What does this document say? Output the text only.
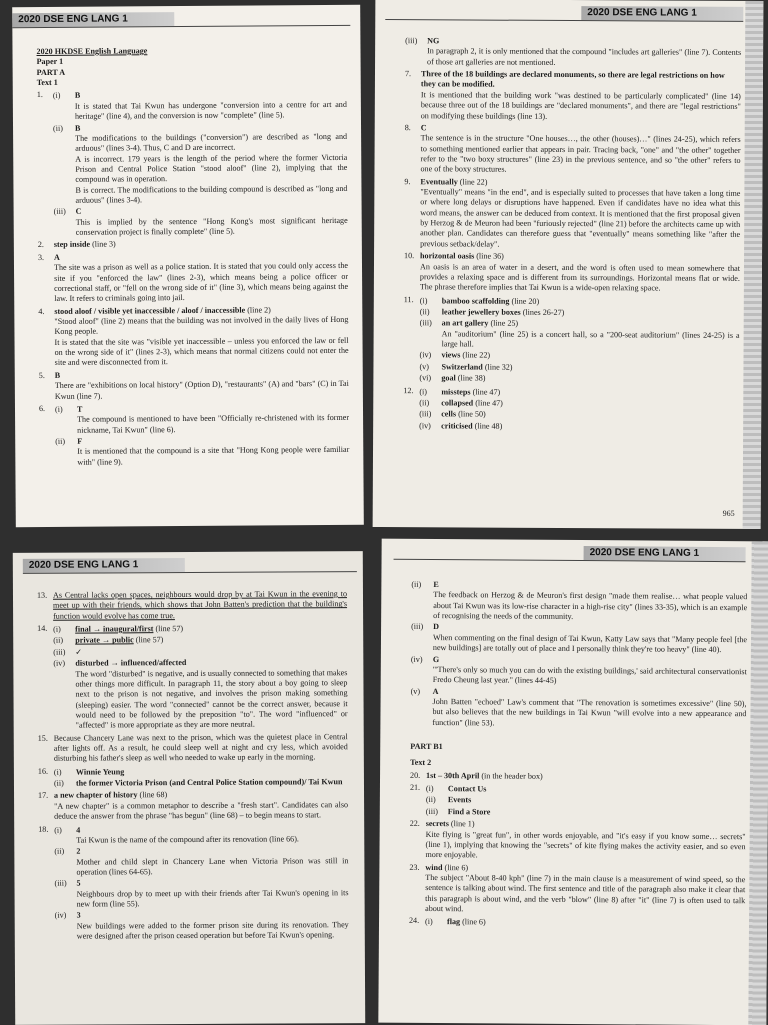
2020 DSE ENG LANG 1
2020 HKDSE English Language
Paper 1
PART A
Text 1
1.	(i)	B
It is stated that Tai Kwun has undergone "conversion into a centre for art and heritage" (line 4), and the conversion is now "complete" (line 5).
(ii)	B
The modifications to the buildings ("conversion") are described as "long and arduous" (lines 3-4). Thus, C and D are incorrect.
A is incorrect. 179 years is the length of the period where the former Victoria Prison and Central Police Station "stood aloof" (line 2), implying that the compound was in operation.
B is correct. The modifications to the building compound is described as "long and arduous" (lines 3-4).
(iii)	C
This is implied by the sentence "Hong Kong's most significant heritage conservation project is finally complete" (line 5).
2.	step inside (line 3)
3.	A
The site was a prison as well as a police station. It is stated that you could only access the site if you "enforced the law" (lines 2-3), which means being a police officer or correctional staff, or "fell on the wrong side of it" (line 3), which means being against the law. It refers to criminals going into jail.
4.	stood aloof / visible yet inaccessible / aloof / inaccessible (line 2)
"Stood aloof" (line 2) means that the building was not involved in the daily lives of Hong Kong people.
It is stated that the site was "visible yet inaccessible – unless you enforced the law or fell on the wrong side of it" (lines 2-3), which means that normal citizens could not enter the site and were disconnected from it.
5.	B
There are "exhibitions on local history" (Option D), "restaurants" (A) and "bars" (C) in Tai Kwun (line 7).
6.	(i)	T
The compound is mentioned to have been "Officially re-christened with its former nickname, Tai Kwun" (line 6).
(ii)	F
It is mentioned that the compound is a site that "Hong Kong people were familiar with" (line 9).
2020 DSE ENG LANG 1
(iii)	NG
In paragraph 2, it is only mentioned that the compound "includes art galleries" (line 7). Contents of those art galleries are not mentioned.
7.	Three of the 18 buildings are declared monuments, so there are legal restrictions on how they can be modified.
It is mentioned that the building work "was destined to be particularly complicated" (line 14) because three out of the 18 buildings are "declared monuments", and there are "legal restrictions" on modifying these buildings (line 13).
8.	C
The sentence is in the structure "One houses…, the other (houses)…" (lines 24-25), which refers to something mentioned earlier that appears in pair. Tracing back, "one" and "the other" together refer to the "two boxy structures" (line 23) in the previous sentence, and so "the other" refers to one of the boxy structures.
9.	Eventually (line 22)
"Eventually" means "in the end", and is especially suited to processes that have taken a long time or where long delays or disruptions have happened. Even if candidates have no idea what this word means, the answer can be deduced from context. It is mentioned that the first proposal given by Herzog & de Meuron had been "furiously rejected" (line 21) before the architects came up with another plan. Candidates can therefore guess that "eventually" means something like "after the previous setback/delay".
10. horizontal oasis (line 36)
An oasis is an area of water in a desert, and the word is often used to mean somewhere that provides a relaxing space and is different from its surroundings. Horizontal means flat or wide. The phrase therefore implies that Tai Kwun is a wide-open relaxing space.
11. (i)	bamboo scaffolding (line 20)
(ii)	leather jewellery boxes (lines 26-27)
(iii)	an art gallery (line 25)
An "auditorium" (line 25) is a concert hall, so a "200-seat auditorium" (lines 24-25) is a large hall.
(iv)	views (line 22)
(v)	Switzerland (line 32)
(vi)	goal (line 38)
12. (i)	missteps (line 47)
(ii)	collapsed (line 47)
(iii)	cells (line 50)
(iv)	criticised (line 48)
965
2020 DSE ENG LANG 1
13. As Central lacks open spaces, neighbours would drop by at Tai Kwun in the evening to meet up with their friends, which shows that John Batten's prediction that the building's function would evolve has come true.
14. (i)	final → inaugural/first (line 57)
(ii)	private → public (line 57)
(iii)	✓
(iv)	disturbed → influenced/affected
The word "disturbed" is negative, and is usually connected to something that makes other things more difficult. In paragraph 11, the story about a boy going to sleep next to the prison is not negative, and involves the prison making something (sleeping) easier. The word "connected" cannot be the correct answer, because it would need to be followed by the preposition "to". The word "influenced" or "affected" is more appropriate as they are more neutral.
15. Because Chancery Lane was next to the prison, which was the quietest place in Central after lights off. As a result, he could sleep well at night and cry less, which avoided disturbing his father's sleep as well who needed to wake up early in the morning.
16. (i)	Winnie Yeung
(ii)	the former Victoria Prison (and Central Police Station compound)/ Tai Kwun
17. a new chapter of history (line 68)
"A new chapter" is a common metaphor to describe a "fresh start". Candidates can also deduce the answer from the phrase "has begun" (line 68) – to begin means to start.
18. (i)	4
Tai Kwun is the name of the compound after its renovation (line 66).
(ii)	2
Mother and child slept in Chancery Lane when Victoria Prison was still in operation (lines 64-65).
(iii)	5
Neighbours drop by to meet up with their friends after Tai Kwun's opening in its new form (line 55).
(iv)	3
New buildings were added to the former prison site during its renovation. They were designed after the prison ceased operation but before Tai Kwun's opening.
2020 DSE ENG LANG 1
(ii)	E
The feedback on Herzog & de Meuron's first design "made them realise… what people valued about Tai Kwun was its low-rise character in a high-rise city" (lines 33-35), which is an example of recognising the needs of the community.
(iii)	D
When commenting on the final design of Tai Kwun, Katty Law says that "Many people feel [the new buildings] are totally out of place and I personally think they're too heavy" (line 40).
(iv)	G
"'There's only so much you can do with the existing buildings,' said architectural conservationist Fredo Cheung last year." (lines 44-45)
(v)	A
John Batten "echoed" Law's comment that "The renovation is sometimes excessive" (line 50), but also believes that the new buildings in Tai Kwun "will evolve into a new appearance and function" (line 53).
PART B1
Text 2
20. 1st – 30th April (in the header box)
21. (i)	Contact Us
(ii)	Events
(iii)	Find a Store
22. secrets (line 1)
Kite flying is "great fun", in other words enjoyable, and "it's easy if you know some… secrets" (line 1), implying that knowing the "secrets" of kite flying makes the activity easier, and so even more enjoyable.
23. wind (line 6)
The subject "About 8-40 kph" (line 7) in the main clause is a measurement of wind speed, so the sentence is talking about wind. The first sentence and title of the paragraph also make it clear that this paragraph is about wind, and the verb "blow" (line 8) after "it" (line 7) is often used to talk about wind.
24. (i)	flag (line 6)
